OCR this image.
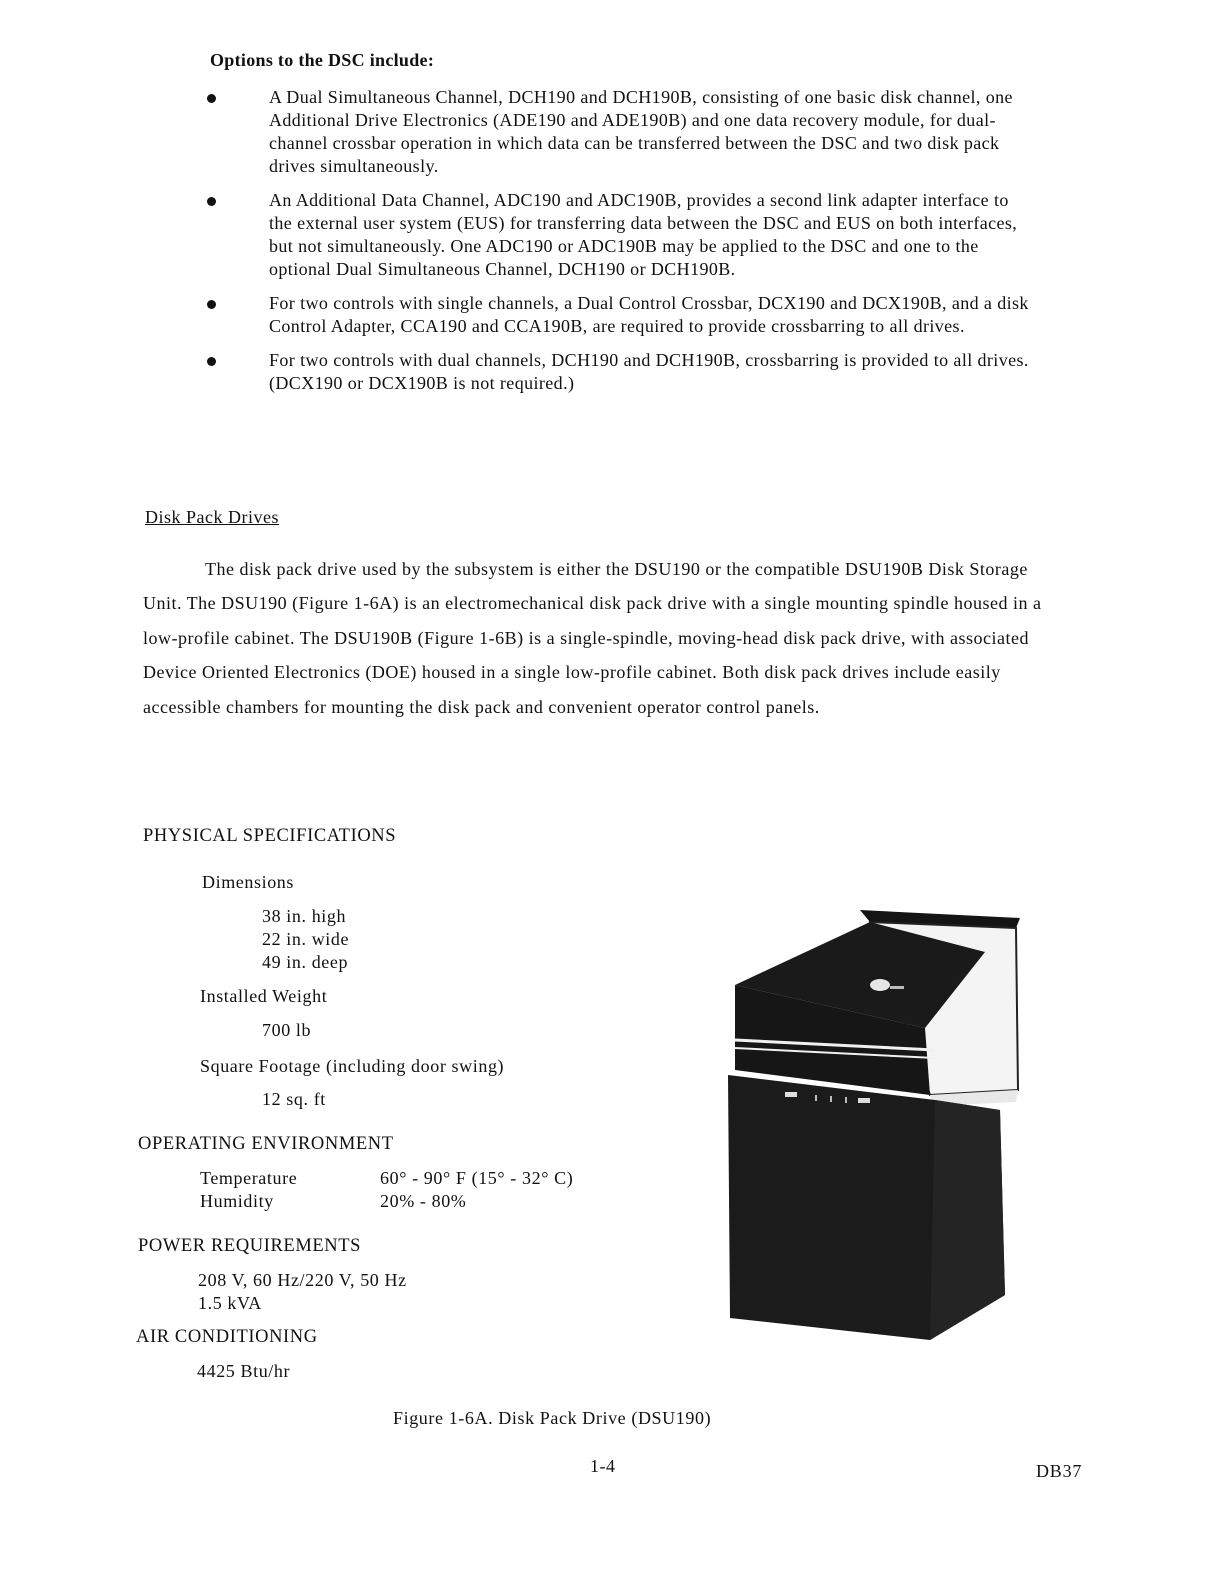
Options to the DSC include:

A Dual Simultaneous Channel, DCH190 and DCH190B, consisting of one basic disk channel, one Additional Drive Electronics (ADE190 and ADE190B) and one data recovery module, for dual-channel crossbar operation in which data can be transferred between the DSC and two disk pack drives simultaneously.
An Additional Data Channel, ADC190 and ADC190B, provides a second link adapter interface to the external user system (EUS) for transferring data between the DSC and EUS on both interfaces, but not simultaneously. One ADC190 or ADC190B may be applied to the DSC and one to the optional Dual Simultaneous Channel, DCH190 or DCH190B.
For two controls with single channels, a Dual Control Crossbar, DCX190 and DCX190B, and a disk Control Adapter, CCA190 and CCA190B, are required to provide crossbarring to all drives.
For two controls with dual channels, DCH190 and DCH190B, crossbarring is provided to all drives. (DCX190 or DCX190B is not required.)

Disk Pack Drives

The disk pack drive used by the subsystem is either the DSU190 or the compatible DSU190B Disk Storage Unit. The DSU190 (Figure 1-6A) is an electromechanical disk pack drive with a single mounting spindle housed in a low-profile cabinet. The DSU190B (Figure 1-6B) is a single-spindle, moving-head disk pack drive, with associated Device Oriented Electronics (DOE) housed in a single low-profile cabinet. Both disk pack drives include easily accessible chambers for mounting the disk pack and convenient operator control panels.

PHYSICAL SPECIFICATIONS

Dimensions

38 in. high

22 in. wide

49 in. deep

Installed Weight

700 lb

Square Footage (including door swing)

12 sq. ft

OPERATING ENVIRONMENT

Temperature	60° - 90° F (15° - 32° C)

Humidity	20% - 80%

POWER REQUIREMENTS

208 V, 60 Hz/220 V, 50 Hz

1.5 kVA

AIR CONDITIONING

4425 Btu/hr

Figure 1-6A. Disk Pack Drive (DSU190)

1-4	DB37
